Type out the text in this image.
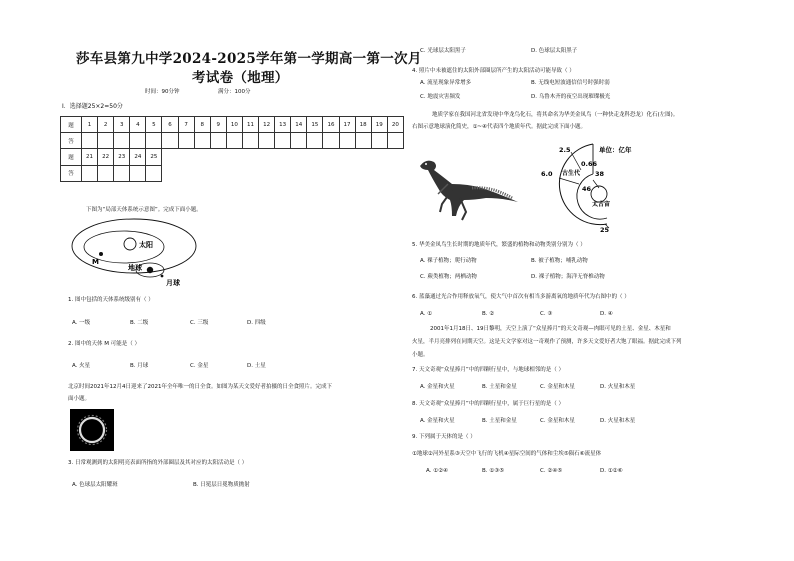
莎车县第九中学2024-2025学年第一学期高一第一次月
考试卷（地理）
时间：90分钟	满分：100分
I．选择题25×2=50分
题	1	2	3	4	5	6	7	8	9	10	11	12	13	14	15	16	17	18	19	20
答																				
题	21	22	23	24	25															
答																				
下图为“局部天体系统示意图”。完成下面小题。
太阳
M
地球
月球
1. 图中包括的天体系统级别有（ ）
A. 一级	B. 二级	C. 三级	D. 四级
2. 图中的天体 M 可能是（ ）
A. 火星	B. 月球	C. 金星	D. 土星
北京时间2021年12月4日迎来了2021年全年唯一的日全食。如图为某天文爱好者拍摄的日全食照片。完成下
面小题。
3. 日常观测到的太阳明亮表面所指的外部圈层及其对应的太阳活动是（ ）
A. 色球层太阳耀斑	B. 日冕层日冕物质抛射
C. 光球层太阳黑子	D. 色球层太阳黑子
4. 照片中未被遮住的太阳外部圈层所产生的太阳活动可能导致（ ）
A. 流星现象异常增多	B. 无线电短波通信信号时强时弱
C. 地震灾害频发	D. 乌鲁木齐的夜空出现璀璨极光
地质学家在我国河北省发现中华龙鸟化石，将其命名为华美金凤鸟（一种快走龙科恐龙）化石(左图)。
右图示意地球演化简史，①~④代表四个地质年代。据此完成下面小题。
2.5
0.66
6.0 古生代 38
46
太古宙
25
单位：亿年
5. 华美金凤鸟生长时期的地质年代，繁盛的植物和动物类别分别为（ ）
A. 裸子植物；爬行动物	B. 被子植物；哺乳动物
C. 蕨类植物；两栖动物	D. 裸子植物；海洋无脊椎动物
6. 蓝藻通过光合作用释放氧气，使大气中首次有相当多游离氧的地质年代为右图中的（ ）
A. ①	B. ②	C. ③	D. ④
2001年1月18日、19日黎明，天空上演了“众星捧月”的天文奇观—肉眼可见的土星、金星、木星和
火星，半月亮排列在同期天空。这是天文学家对这一奇观作了预测，许多天文爱好者大饱了眼福。据此完成下列
小题。
7. 天文奇观“众星捧月”中的四颗行星中，与地球相邻的是（ ）
A. 金星和火星	B. 土星和金星	C. 金星和木星	D. 火星和木星
8. 天文奇观“众星捧月”中的四颗行星中，属于巨行星的是（ ）
A. 金星和火星	B. 土星和金星	C. 金星和木星	D. 火星和木星
9. 下列属于天体的是（ ）
①地球②河外星系③天空中飞行的飞机④星际空间的气体和尘埃⑤陨石⑥流星体
A. ①②④	B. ①③⑤	C. ②④⑤	D. ①②⑥
